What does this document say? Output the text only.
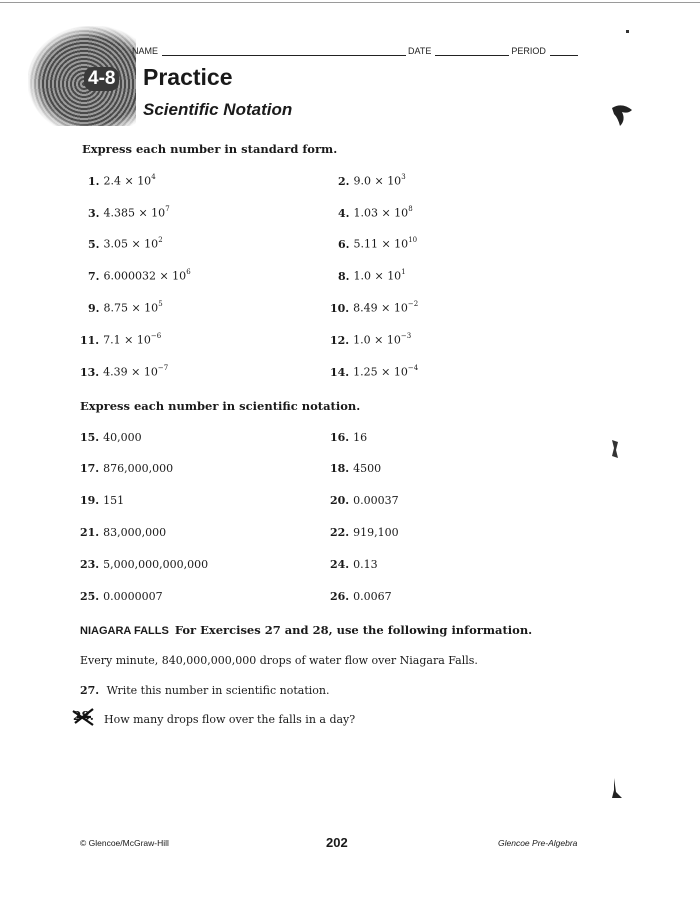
4-8
NAME	DATE	PERIOD
Practice
Scientific Notation
Express each number in standard form.
1. $2.4 \times 10^4$	2. $9.0 \times 10^3$
3. $4.385 \times 10^7$	4. $1.03 \times 10^8$
5. $3.05 \times 10^2$	6. $5.11 \times 10^{10}$
7. $6.000032 \times 10^6$	8. $1.0 \times 10^1$
9. $8.75 \times 10^5$	10. $8.49 \times 10^{-2}$
11. $7.1 \times 10^{-6}$	12. $1.0 \times 10^{-3}$
13. $4.39 \times 10^{-7}$	14. $1.25 \times 10^{-4}$
Express each number in scientific notation.
15. 40,000	16. 16
17. 876,000,000	18. 4500
19. 151	20. 0.00037
21. 83,000,000	22. 919,100
23. 5,000,000,000,000	24. 0.13
25. 0.0000007	26. 0.0067
NIAGARA FALLS For Exercises 27 and 28, use the following information.
Every minute, 840,000,000,000 drops of water flow over Niagara Falls.
27. Write this number in scientific notation.
28. How many drops flow over the falls in a day?
© Glencoe/McGraw-Hill	202	Glencoe Pre-Algebra
